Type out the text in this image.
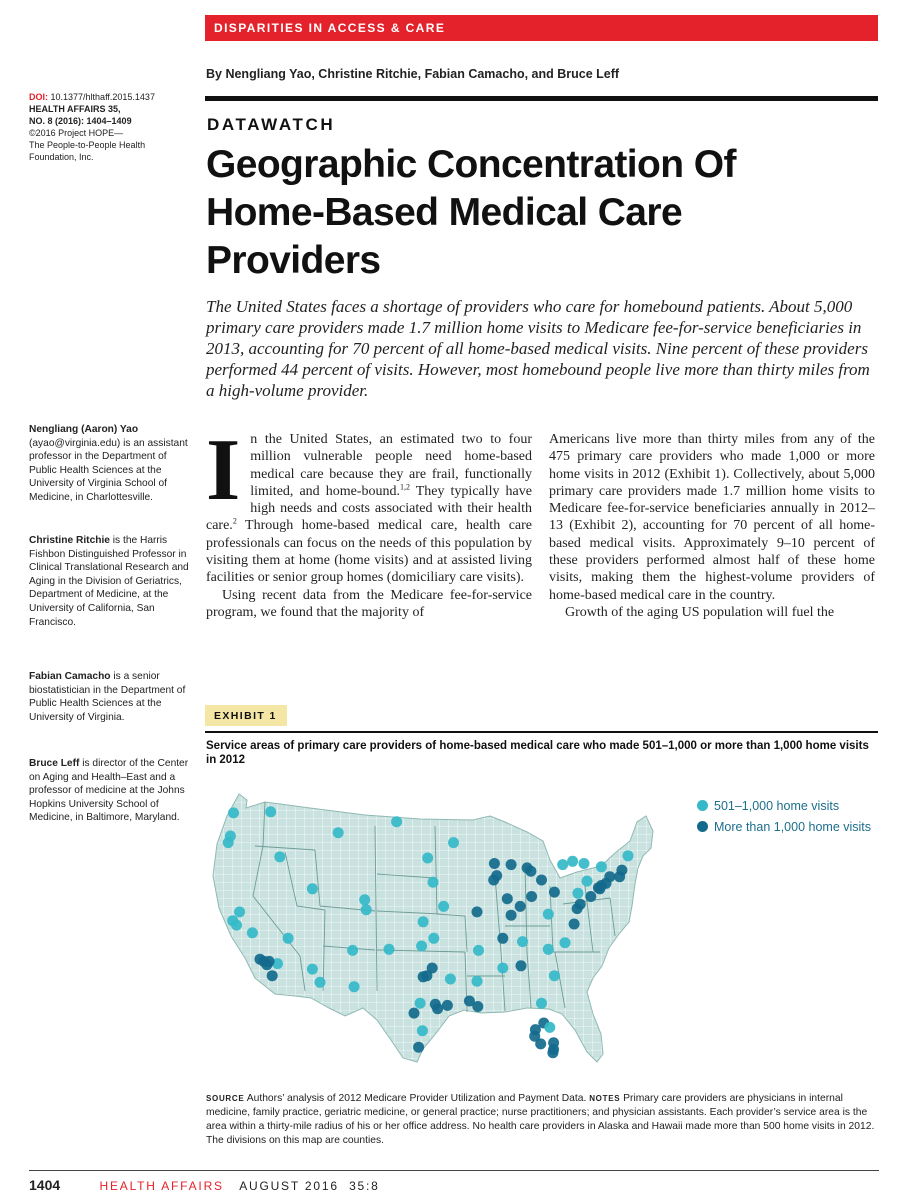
DISPARITIES IN ACCESS & CARE
By Nengliang Yao, Christine Ritchie, Fabian Camacho, and Bruce Leff
DOI: 10.1377/hlthaff.2015.1437
HEALTH AFFAIRS 35,
NO. 8 (2016): 1404–1409
©2016 Project HOPE—
The People-to-People Health
Foundation, Inc.
DATAWATCH
Geographic Concentration Of Home-Based Medical Care Providers
The United States faces a shortage of providers who care for homebound patients. About 5,000 primary care providers made 1.7 million home visits to Medicare fee-for-service beneficiaries in 2013, accounting for 70 percent of all home-based medical visits. Nine percent of these providers performed 44 percent of visits. However, most homebound people live more than thirty miles from a high-volume provider.
Nengliang (Aaron) Yao (ayao@virginia.edu) is an assistant professor in the Department of Public Health Sciences at the University of Virginia School of Medicine, in Charlottesville.
Christine Ritchie is the Harris Fishbon Distinguished Professor in Clinical Translational Research and Aging in the Division of Geriatrics, Department of Medicine, at the University of California, San Francisco.
Fabian Camacho is a senior biostatistician in the Department of Public Health Sciences at the University of Virginia.
Bruce Leff is director of the Center on Aging and Health–East and a professor of medicine at the Johns Hopkins University School of Medicine, in Baltimore, Maryland.

In the United States, an estimated two to four million vulnerable people need home-based medical care because they are frail, functionally limited, and home-bound.$^{1,2}$ They typically have high needs and costs associated with their health care.$^2$ Through home-based medical care, health care professionals can focus on the needs of this population by visiting them at home (home visits) and at assisted living facilities or senior group homes (domiciliary care visits).

Using recent data from the Medicare fee-for-service program, we found that the majority of

Americans live more than thirty miles from any of the 475 primary care providers who made 1,000 or more home visits in 2012 (Exhibit 1). Collectively, about 5,000 primary care providers made 1.7 million home visits to Medicare fee-for-service beneficiaries annually in 2012–13 (Exhibit 2), accounting for 70 percent of all home-based medical visits. Approximately 9–10 percent of these providers performed almost half of these home visits, making them the highest-volume providers of home-based medical care in the country.

Growth of the aging US population will fuel the

EXHIBIT 1
Service areas of primary care providers of home-based medical care who made 501–1,000 or more than 1,000 home visits in 2012
501–1,000 home visits
More than 1,000 home visits
SOURCE Authors’ analysis of 2012 Medicare Provider Utilization and Payment Data. NOTES Primary care providers are physicians in internal medicine, family practice, geriatric medicine, or general practice; nurse practitioners; and physician assistants. Each provider’s service area is the area within a thirty-mile radius of his or her office address. No health care providers in Alaska and Hawaii made more than 500 home visits in 2012. The divisions on this map are counties.
1404	HEALTH AFFAIRS AUGUST 2016  35:8
